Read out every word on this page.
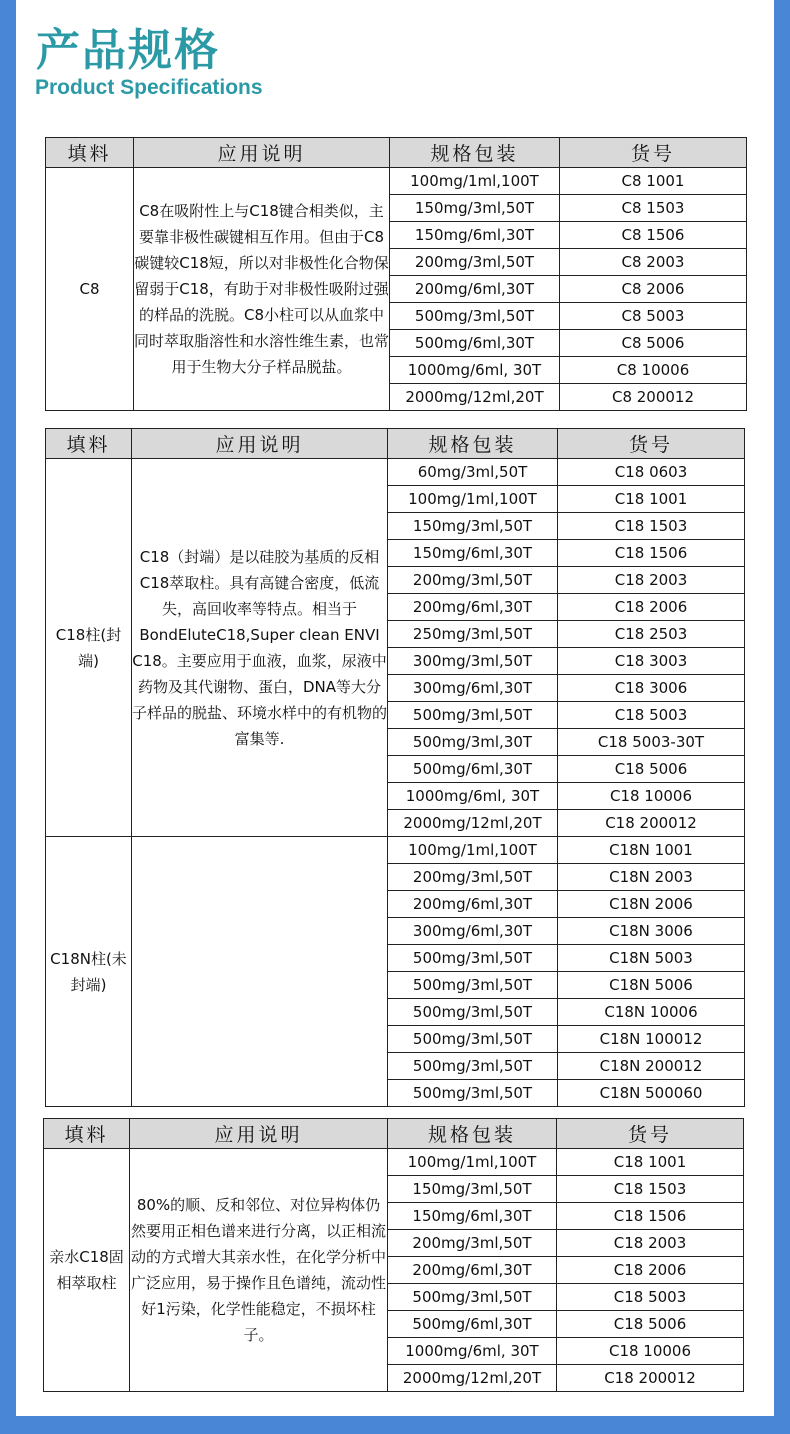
产品规格
Product Specifications
填料	应用说明	规格包装	货号
C8	C8在吸附性上与C18键合相类似，主要靠非极性碳键相互作用。但由于C8碳键较C18短，所以对非极性化合物保留弱于C18，有助于对非极性吸附过强的样品的洗脱。C8小柱可以从血浆中同时萃取脂溶性和水溶性维生素，也常用于生物大分子样品脱盐。	100mg/1ml,100T	C8 1001
		150mg/3ml,50T	C8 1503
		150mg/6ml,30T	C8 1506
		200mg/3ml,50T	C8 2003
		200mg/6ml,30T	C8 2006
		500mg/3ml,50T	C8 5003
		500mg/6ml,30T	C8 5006
		1000mg/6ml, 30T	C8 10006
		2000mg/12ml,20T	C8 200012
填料	应用说明	规格包装	货号
C18柱(封端)	C18（封端）是以硅胶为基质的反相C18萃取柱。具有高键合密度，低流失，高回收率等特点。相当于BondEluteC18,Super clean ENVI C18。主要应用于血液，血浆，尿液中药物及其代谢物、蛋白，DNA等大分子样品的脱盐、环境水样中的有机物的富集等.	60mg/3ml,50T	C18 0603
		100mg/1ml,100T	C18 1001
		150mg/3ml,50T	C18 1503
		150mg/6ml,30T	C18 1506
		200mg/3ml,50T	C18 2003
		200mg/6ml,30T	C18 2006
		250mg/3ml,50T	C18 2503
		300mg/3ml,50T	C18 3003
		300mg/6ml,30T	C18 3006
		500mg/3ml,50T	C18 5003
		500mg/3ml,30T	C18 5003-30T
		500mg/6ml,30T	C18 5006
		1000mg/6ml, 30T	C18 10006
		2000mg/12ml,20T	C18 200012
C18N柱(未封端)		100mg/1ml,100T	C18N 1001
		200mg/3ml,50T	C18N 2003
		200mg/6ml,30T	C18N 2006
		300mg/6ml,30T	C18N 3006
		500mg/3ml,50T	C18N 5003
		500mg/3ml,50T	C18N 5006
		500mg/3ml,50T	C18N 10006
		500mg/3ml,50T	C18N 100012
		500mg/3ml,50T	C18N 200012
		500mg/3ml,50T	C18N 500060
填料	应用说明	规格包装	货号
亲水C18固相萃取柱	80%的顺、反和邻位、对位异构体仍然要用正相色谱来进行分离，以正相流动的方式增大其亲水性，在化学分析中广泛应用，易于操作且色谱纯，流动性好1污染，化学性能稳定，不损坏柱子。	100mg/1ml,100T	C18 1001
		150mg/3ml,50T	C18 1503
		150mg/6ml,30T	C18 1506
		200mg/3ml,50T	C18 2003
		200mg/6ml,30T	C18 2006
		500mg/3ml,50T	C18 5003
		500mg/6ml,30T	C18 5006
		1000mg/6ml, 30T	C18 10006
		2000mg/12ml,20T	C18 200012
